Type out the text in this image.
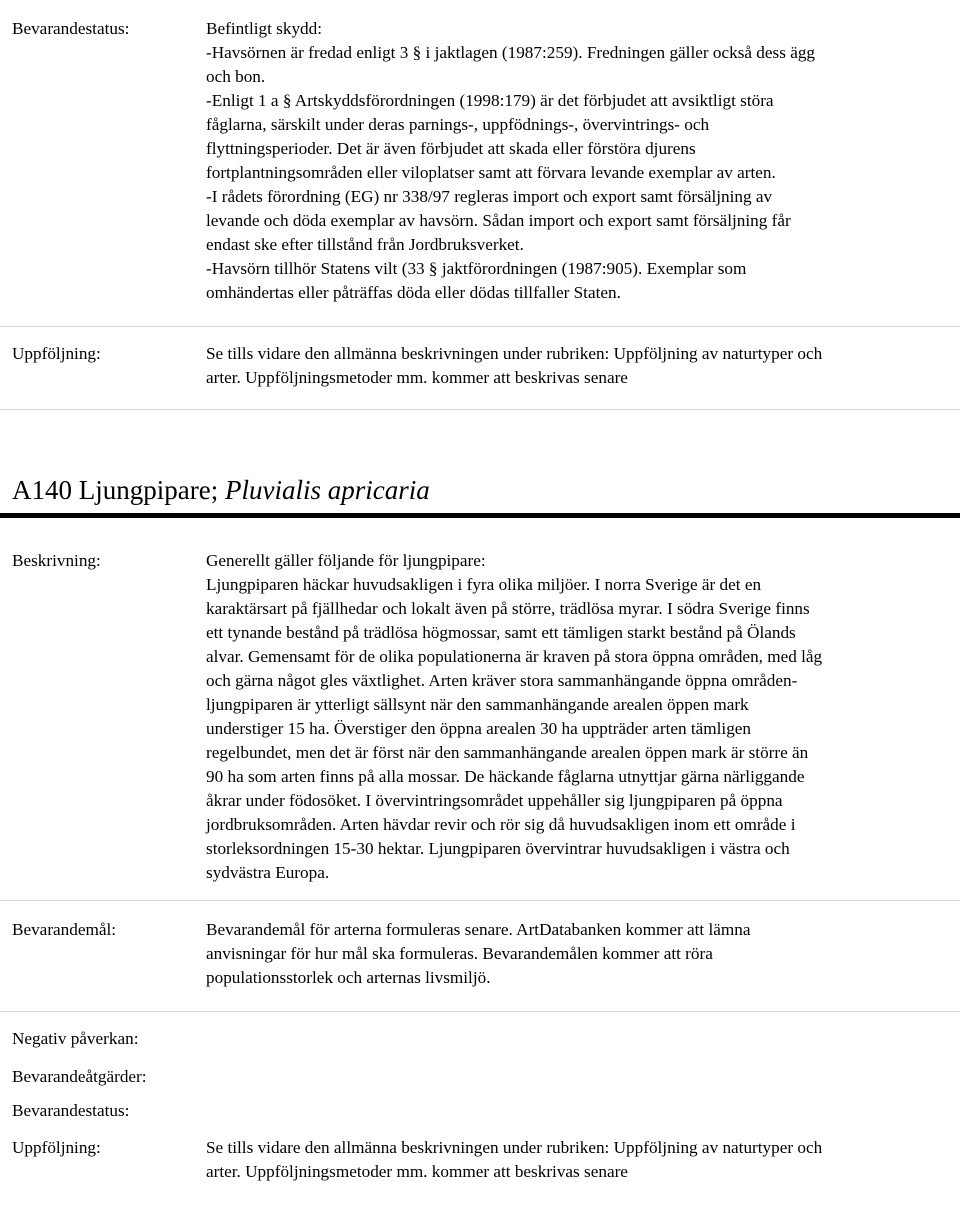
Bevarandestatus:	Befintligt skydd:
-Havsörnen är fredad enligt 3 § i jaktlagen (1987:259). Fredningen gäller också dess ägg
och bon.
-Enligt 1 a § Artskyddsförordningen (1998:179) är det förbjudet att avsiktligt störa
fåglarna, särskilt under deras parnings-, uppfödnings-, övervintrings- och
flyttningsperioder. Det är även förbjudet att skada eller förstöra djurens
fortplantningsområden eller viloplatser samt att förvara levande exemplar av arten.
-I rådets förordning (EG) nr 338/97 regleras import och export samt försäljning av
levande och döda exemplar av havsörn. Sådan import och export samt försäljning får
endast ske efter tillstånd från Jordbruksverket.
-Havsörn tillhör Statens vilt (33 § jaktförordningen (1987:905). Exemplar som
omhändertas eller påträffas döda eller dödas tillfaller Staten.
Uppföljning:	Se tills vidare den allmänna beskrivningen under rubriken: Uppföljning av naturtyper och
arter. Uppföljningsmetoder mm. kommer att beskrivas senare
A140 Ljungpipare; Pluvialis apricaria
Beskrivning:	Generellt gäller följande för ljungpipare:
Ljungpiparen häckar huvudsakligen i fyra olika miljöer. I norra Sverige är det en
karaktärsart på fjällhedar och lokalt även på större, trädlösa myrar. I södra Sverige finns
ett tynande bestånd på trädlösa högmossar, samt ett tämligen starkt bestånd på Ölands
alvar. Gemensamt för de olika populationerna är kraven på stora öppna områden, med låg
och gärna något gles växtlighet. Arten kräver stora sammanhängande öppna områden-
ljungpiparen är ytterligt sällsynt när den sammanhängande arealen öppen mark
understiger 15 ha. Överstiger den öppna arealen 30 ha uppträder arten tämligen
regelbundet, men det är först när den sammanhängande arealen öppen mark är större än
90 ha som arten finns på alla mossar. De häckande fåglarna utnyttjar gärna närliggande
åkrar under födosöket. I övervintringsområdet uppehåller sig ljungpiparen på öppna
jordbruksområden. Arten hävdar revir och rör sig då huvudsakligen inom ett område i
storleksordningen 15-30 hektar. Ljungpiparen övervintrar huvudsakligen i västra och
sydvästra Europa.
Bevarandemål:	Bevarandemål för arterna formuleras senare. ArtDatabanken kommer att lämna
anvisningar för hur mål ska formuleras. Bevarandemålen kommer att röra
populationsstorlek och arternas livsmiljö.
Negativ påverkan:
Bevarandeåtgärder:
Bevarandestatus:
Uppföljning:	Se tills vidare den allmänna beskrivningen under rubriken: Uppföljning av naturtyper och
arter. Uppföljningsmetoder mm. kommer att beskrivas senare
